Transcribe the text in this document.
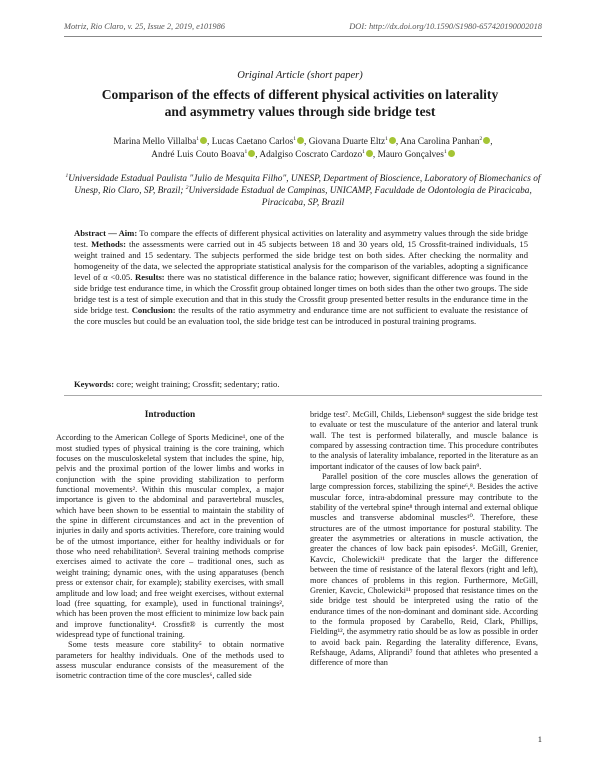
Motriz, Rio Claro, v. 25, Issue 2, 2019, e101986	DOI: http://dx.doi.org/10.1590/S1980-657420190002018
Original Article (short paper)
Comparison of the effects of different physical activities on laterality and asymmetry values through side bridge test
Marina Mello Villalba$^1$ , Lucas Caetano Carlos$^1$ , Giovana Duarte Eltz$^1$ , Ana Carolina Panhan$^2$ ,
André Luis Couto Boava$^1$ , Adalgiso Coscrato Cardozo$^1$ , Mauro Gonçalves$^1$
$^1$Universidade Estadual Paulista "Julio de Mesquita Filho", UNESP, Department of Bioscience, Laboratory of Biomechanics of Unesp, Rio Claro, SP, Brazil; $^2$Universidade Estadual de Campinas, UNICAMP, Faculdade de Odontologia de Piracicaba, Piracicaba, SP, Brazil
Abstract — Aim: To compare the effects of different physical activities on laterality and asymmetry values through the side bridge test. Methods: the assessments were carried out in 45 subjects between 18 and 30 years old, 15 Crossfit-trained individuals, 15 weight trained and 15 sedentary. The subjects performed the side bridge test on both sides. After checking the normality and homogeneity of the data, we selected the appropriate statistical analysis for the comparison of the variables, adopting a significance level of α <0.05. Results: there was no statistical difference in the balance ratio; however, significant difference was found in the side bridge test endurance time, in which the Crossfit group obtained longer times on both sides than the other two groups. The side bridge test is a test of simple execution and that in this study the Crossfit group presented better results in the endurance time in the side bridge test. Conclusion: the results of the ratio asymmetry and endurance time are not sufficient to evaluate the resistance of the core muscles but could be an evaluation tool, the side bridge test can be introduced in postural training programs.
Keywords: core; weight training; Crossfit; sedentary; ratio.
Introduction

According to the American College of Sports Medicine¹, one of the most studied types of physical training is the core training, which focuses on the musculoskeletal system that includes the spine, hip, pelvis and the proximal portion of the lower limbs and works in conjunction with the spine providing stabilization to perform functional movements². Within this muscular complex, a major importance is given to the abdominal and paravertebral muscles, which have been shown to be essential to maintain the stability of the spine in different circumstances and act in the prevention of injuries in daily and sports activities. Therefore, core training would be of the utmost importance, either for healthy individuals or for those who need rehabilitation³. Several training methods comprise exercises aimed to activate the core – traditional ones, such as weight training; dynamic ones, with the using apparatuses (bench press or extensor chair, for example); stability exercises, with small amplitude and low load; and free weight exercises, without external load (free squatting, for example), used in functional trainings², which has been proven the most efficient to minimize low back pain and improve functionality⁴. Crossfit® is currently the most widespread type of functional training.

Some tests measure core stability⁵ to obtain normative parameters for healthy individuals. One of the methods used to assess muscular endurance consists of the measurement of the isometric contraction time of the core muscles⁶, called side

bridge test⁷. McGill, Childs, Liebenson⁸ suggest the side bridge test to evaluate or test the musculature of the anterior and lateral trunk wall. The test is performed bilaterally, and muscle balance is compared by assessing contraction time. This procedure contributes to the analysis of laterality imbalance, reported in the literature as an important indicator of the causes of low back pain⁹.

Parallel position of the core muscles allows the generation of large compression forces, stabilizing the spine⁶,⁸. Besides the active muscular force, intra-abdominal pressure may contribute to the stability of the vertebral spine⁸ through internal and external oblique muscles and transverse abdominal muscles¹⁰. Therefore, these structures are of the utmost importance for postural stability. The greater the asymmetries or alterations in muscle activation, the greater the chances of low back pain episodes⁵. McGill, Grenier, Kavcic, Cholewicki¹¹ predicate that the larger the difference between the time of resistance of the lateral flexors (right and left), more chances of problems in this region. Furthermore, McGill, Grenier, Kavcic, Cholewicki¹¹ proposed that resistance times on the side bridge test should be interpreted using the ratio of the endurance times of the non-dominant and dominant side. According to the formula proposed by Carabello, Reid, Clark, Phillips, Fielding¹², the asymmetry ratio should be as low as possible in order to avoid back pain. Regarding the laterality difference, Evans, Refshauge, Adams, Aliprandi⁷ found that athletes who presented a difference of more than

1
